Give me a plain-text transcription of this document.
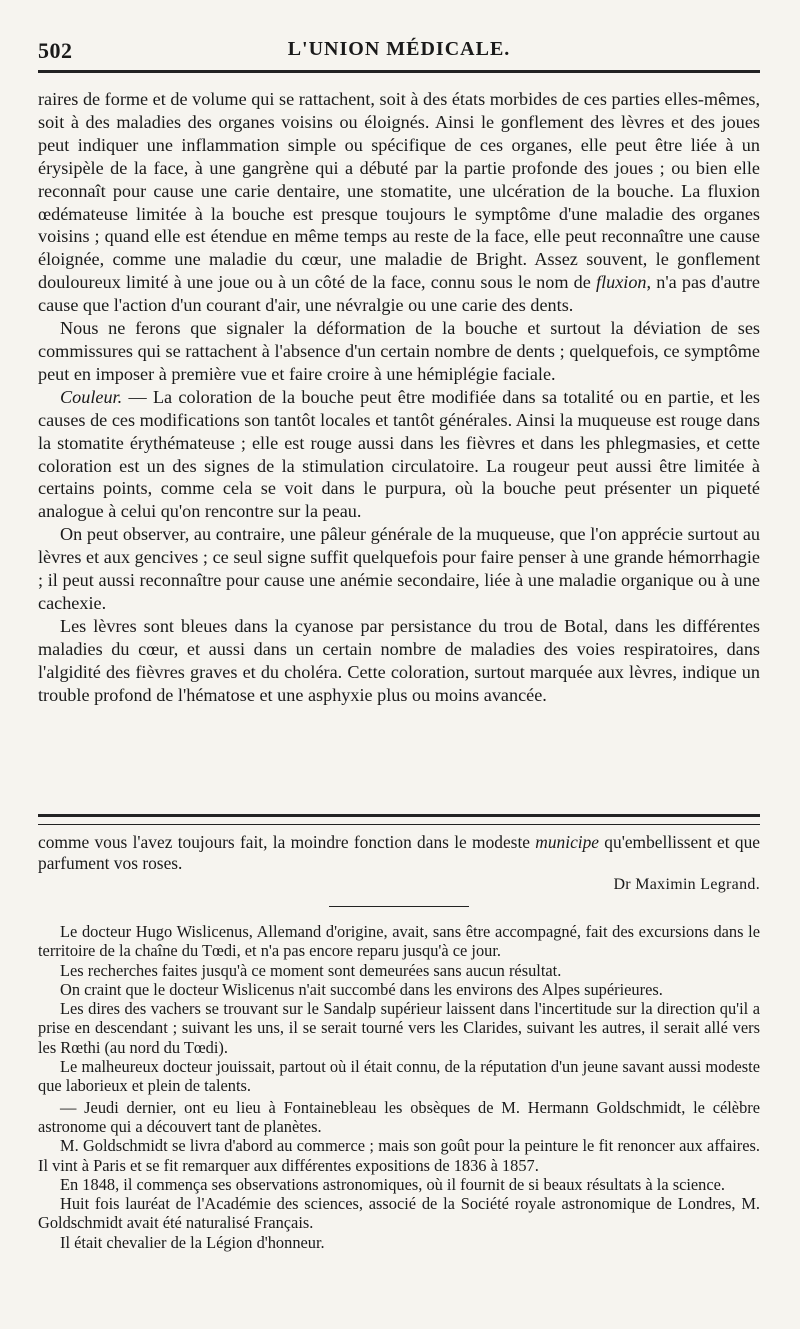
502	L'UNION MÉDICALE.

raires de forme et de volume qui se rattachent, soit à des états morbides de ces parties elles-mêmes, soit à des maladies des organes voisins ou éloignés. Ainsi le gonflement des lèvres et des joues peut indiquer une inflammation simple ou spécifique de ces organes, elle peut être liée à un érysipèle de la face, à une gangrène qui a débuté par la partie profonde des joues ; ou bien elle reconnaît pour cause une carie dentaire, une stomatite, une ulcération de la bouche. La fluxion œdémateuse limitée à la bouche est presque toujours le symptôme d'une maladie des organes voisins ; quand elle est étendue en même temps au reste de la face, elle peut reconnaître une cause éloignée, comme une maladie du cœur, une maladie de Bright. Assez souvent, le gonflement douloureux limité à une joue ou à un côté de la face, connu sous le nom de fluxion, n'a pas d'autre cause que l'action d'un courant d'air, une névralgie ou une carie des dents.

Nous ne ferons que signaler la déformation de la bouche et surtout la déviation de ses commissures qui se rattachent à l'absence d'un certain nombre de dents ; quelquefois, ce symptôme peut en imposer à première vue et faire croire à une hémiplégie faciale.

Couleur. — La coloration de la bouche peut être modifiée dans sa totalité ou en partie, et les causes de ces modifications son tantôt locales et tantôt générales. Ainsi la muqueuse est rouge dans la stomatite érythémateuse ; elle est rouge aussi dans les fièvres et dans les phlegmasies, et cette coloration est un des signes de la stimulation circulatoire. La rougeur peut aussi être limitée à certains points, comme cela se voit dans le purpura, où la bouche peut présenter un piqueté analogue à celui qu'on rencontre sur la peau.

On peut observer, au contraire, une pâleur générale de la muqueuse, que l'on apprécie surtout au lèvres et aux gencives ; ce seul signe suffit quelquefois pour faire penser à une grande hémorrhagie ; il peut aussi reconnaître pour cause une anémie secondaire, liée à une maladie organique ou à une cachexie.

Les lèvres sont bleues dans la cyanose par persistance du trou de Botal, dans les différentes maladies du cœur, et aussi dans un certain nombre de maladies des voies respiratoires, dans l'algidité des fièvres graves et du choléra. Cette coloration, surtout marquée aux lèvres, indique un trouble profond de l'hématose et une asphyxie plus ou moins avancée.

comme vous l'avez toujours fait, la moindre fonction dans le modeste municipe qu'embellissent et que parfument vos roses.

Dr Maximin Legrand.

Le docteur Hugo Wislicenus, Allemand d'origine, avait, sans être accompagné, fait des excursions dans le territoire de la chaîne du Tœdi, et n'a pas encore reparu jusqu'à ce jour.

Les recherches faites jusqu'à ce moment sont demeurées sans aucun résultat.

On craint que le docteur Wislicenus n'ait succombé dans les environs des Alpes supérieures.

Les dires des vachers se trouvant sur le Sandalp supérieur laissent dans l'incertitude sur la direction qu'il a prise en descendant ; suivant les uns, il se serait tourné vers les Clarides, suivant les autres, il serait allé vers les Rœthi (au nord du Tœdi).

Le malheureux docteur jouissait, partout où il était connu, de la réputation d'un jeune savant aussi modeste que laborieux et plein de talents.

— Jeudi dernier, ont eu lieu à Fontainebleau les obsèques de M. Hermann Goldschmidt, le célèbre astronome qui a découvert tant de planètes.

M. Goldschmidt se livra d'abord au commerce ; mais son goût pour la peinture le fit renoncer aux affaires. Il vint à Paris et se fit remarquer aux différentes expositions de 1836 à 1857.

En 1848, il commença ses observations astronomiques, où il fournit de si beaux résultats à la science.

Huit fois lauréat de l'Académie des sciences, associé de la Société royale astronomique de Londres, M. Goldschmidt avait été naturalisé Français.

Il était chevalier de la Légion d'honneur.
